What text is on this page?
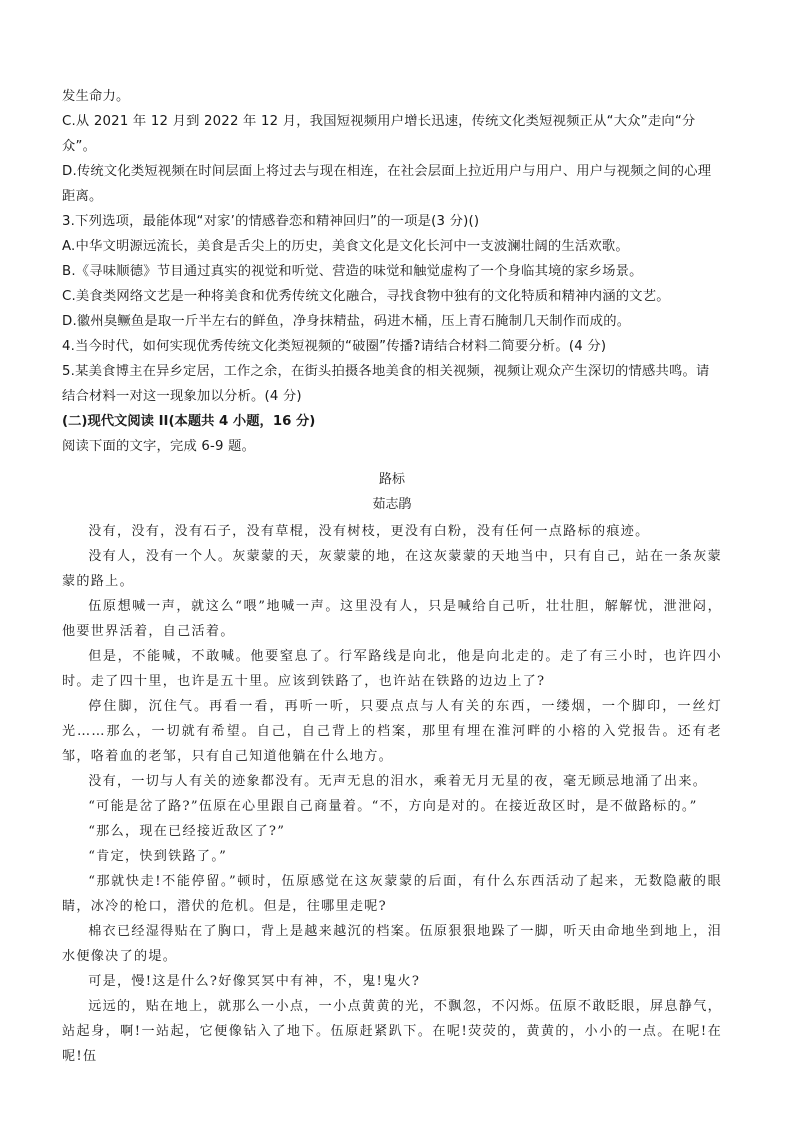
发生命力。

C.从 2021 年 12 月到 2022 年 12 月，我国短视频用户增长迅速，传统文化类短视频正从“大众”走向“分众”。

D.传统文化类短视频在时间层面上将过去与现在相连，在社会层面上拉近用户与用户、用户与视频之间的心理距离。

3.下列选项，最能体现“对家’的情感眷恋和精神回归”的一项是(3 分)()

A.中华文明源远流长，美食是舌尖上的历史，美食文化是文化长河中一支波澜壮阔的生活欢歌。

B.《寻味顺德》节目通过真实的视觉和听觉、营造的味觉和触觉虚构了一个身临其境的家乡场景。

C.美食类网络文艺是一种将美食和优秀传统文化融合，寻找食物中独有的文化特质和精神内涵的文艺。

D.徽州臭鳜鱼是取一斤半左右的鲜鱼，净身抹精盐，码进木桶，压上青石腌制几天制作而成的。

4.当今时代，如何实现优秀传统文化类短视频的“破圈”传播?请结合材料二简要分析。(4 分)

5.某美食博主在异乡定居，工作之余，在街头拍摄各地美食的相关视频，视频让观众产生深切的情感共鸣。请结合材料一对这一现象加以分析。(4 分)

(二)现代文阅读 II(本题共 4 小题，16 分)

阅读下面的文字，完成 6-9 题。

路标

茹志鹃

没有，没有，没有石子，没有草棍，没有树枝，更没有白粉，没有任何一点路标的痕迹。

没有人，没有一个人。灰蒙蒙的天，灰蒙蒙的地，在这灰蒙蒙的天地当中，只有自己，站在一条灰蒙蒙的路上。

伍原想喊一声，就这么“喂”地喊一声。这里没有人，只是喊给自己听，壮壮胆，解解忧，泄泄闷，他要世界活着，自己活着。

但是，不能喊，不敢喊。他要窒息了。行军路线是向北，他是向北走的。走了有三小时，也许四小时。走了四十里，也许是五十里。应该到铁路了，也许站在铁路的边边上了?

停住脚，沉住气。再看一看，再听一听，只要点点与人有关的东西，一缕烟，一个脚印，一丝灯光……那么，一切就有希望。自己，自己背上的档案，那里有埋在淮河畔的小榕的入党报告。还有老邹，咯着血的老邹，只有自己知道他躺在什么地方。

没有，一切与人有关的迹象都没有。无声无息的泪水，乘着无月无星的夜，毫无顾忌地涌了出来。

“可能是岔了路?”伍原在心里跟自己商量着。“不，方向是对的。在接近敌区时，是不做路标的。”

“那么，现在已经接近敌区了?”

“肯定，快到铁路了。”

“那就快走!不能停留。”顿时，伍原感觉在这灰蒙蒙的后面，有什么东西活动了起来，无数隐蔽的眼睛，冰冷的枪口，潜伏的危机。但是，往哪里走呢?

棉衣已经湿得贴在了胸口，背上是越来越沉的档案。伍原狠狠地跺了一脚，听天由命地坐到地上，泪水便像决了的堤。

可是，慢!这是什么?好像冥冥中有神，不，鬼!鬼火?

远远的，贴在地上，就那么一小点，一小点黄黄的光，不飘忽，不闪烁。伍原不敢眨眼，屏息静气，站起身，啊!一站起，它便像钻入了地下。伍原赶紧趴下。在呢!荧荧的，黄黄的，小小的一点。在呢!在呢!伍
